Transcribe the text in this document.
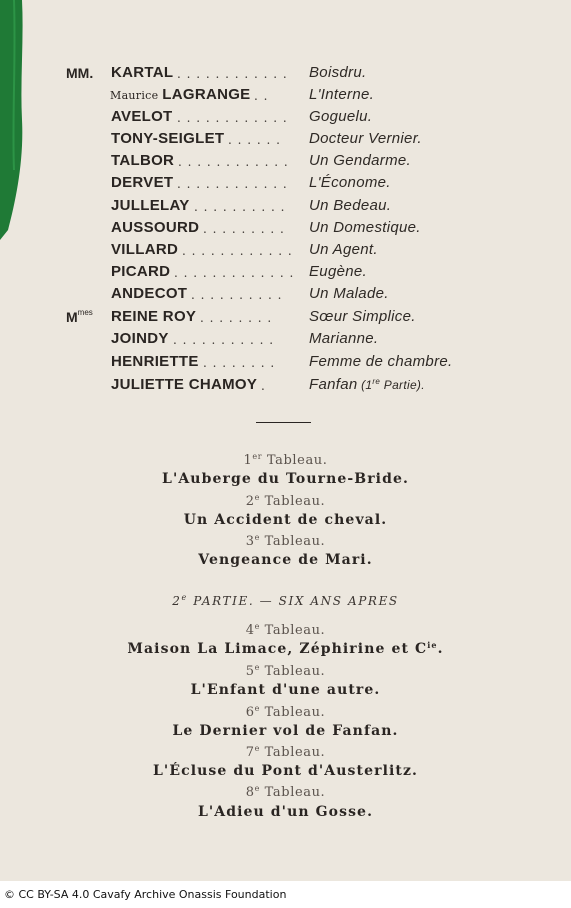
MM. KARTAL . . . . . . . . . . . . Boisdru.
Maurice LAGRANGE . .	L'Interne.
AVELOT . . . . . . . . . . . . Goguelu.
TONY-SEIGLET . . . . . . Docteur Vernier.
TALBOR . . . . . . . . . . . . Un Gendarme.
DERVET . . . . . . . . . . . . L'Économe.
JULLELAY . . . . . . . . . . Un Bedeau.
AUSSOURD . . . . . . . . . Un Domestique.
VILLARD . . . . . . . . . . . . Un Agent.
PICARD . . . . . . . . . . . . . Eugène.
ANDECOT . . . . . . . . . . Un Malade.
$M^{mes}$ REINE ROY . . . . . . . . Sœur Simplice.
JOINDY . . . . . . . . . . . Marianne.
HENRIETTE . . . . . . . . Femme de chambre.
JULIETTE CHAMOY .	Fanfan (1re Partie).
1er Tableau.
L'Auberge du Tourne-Bride.
2e Tableau.
Un Accident de cheval.
3e Tableau.
Vengeance de Mari.
4e Tableau.
Maison La Limace, Zéphirine et $C^{ie}$.
5e Tableau.
L'Enfant d'une autre.
6e Tableau.
Le Dernier vol de Fanfan.
7e Tableau.
L'Écluse du Pont d'Austerlitz.
8e Tableau.
L'Adieu d'un Gosse.
2e PARTIE. — SIX ANS APRES
© CC BY-SA 4.0 Cavafy Archive Onassis Foundation
